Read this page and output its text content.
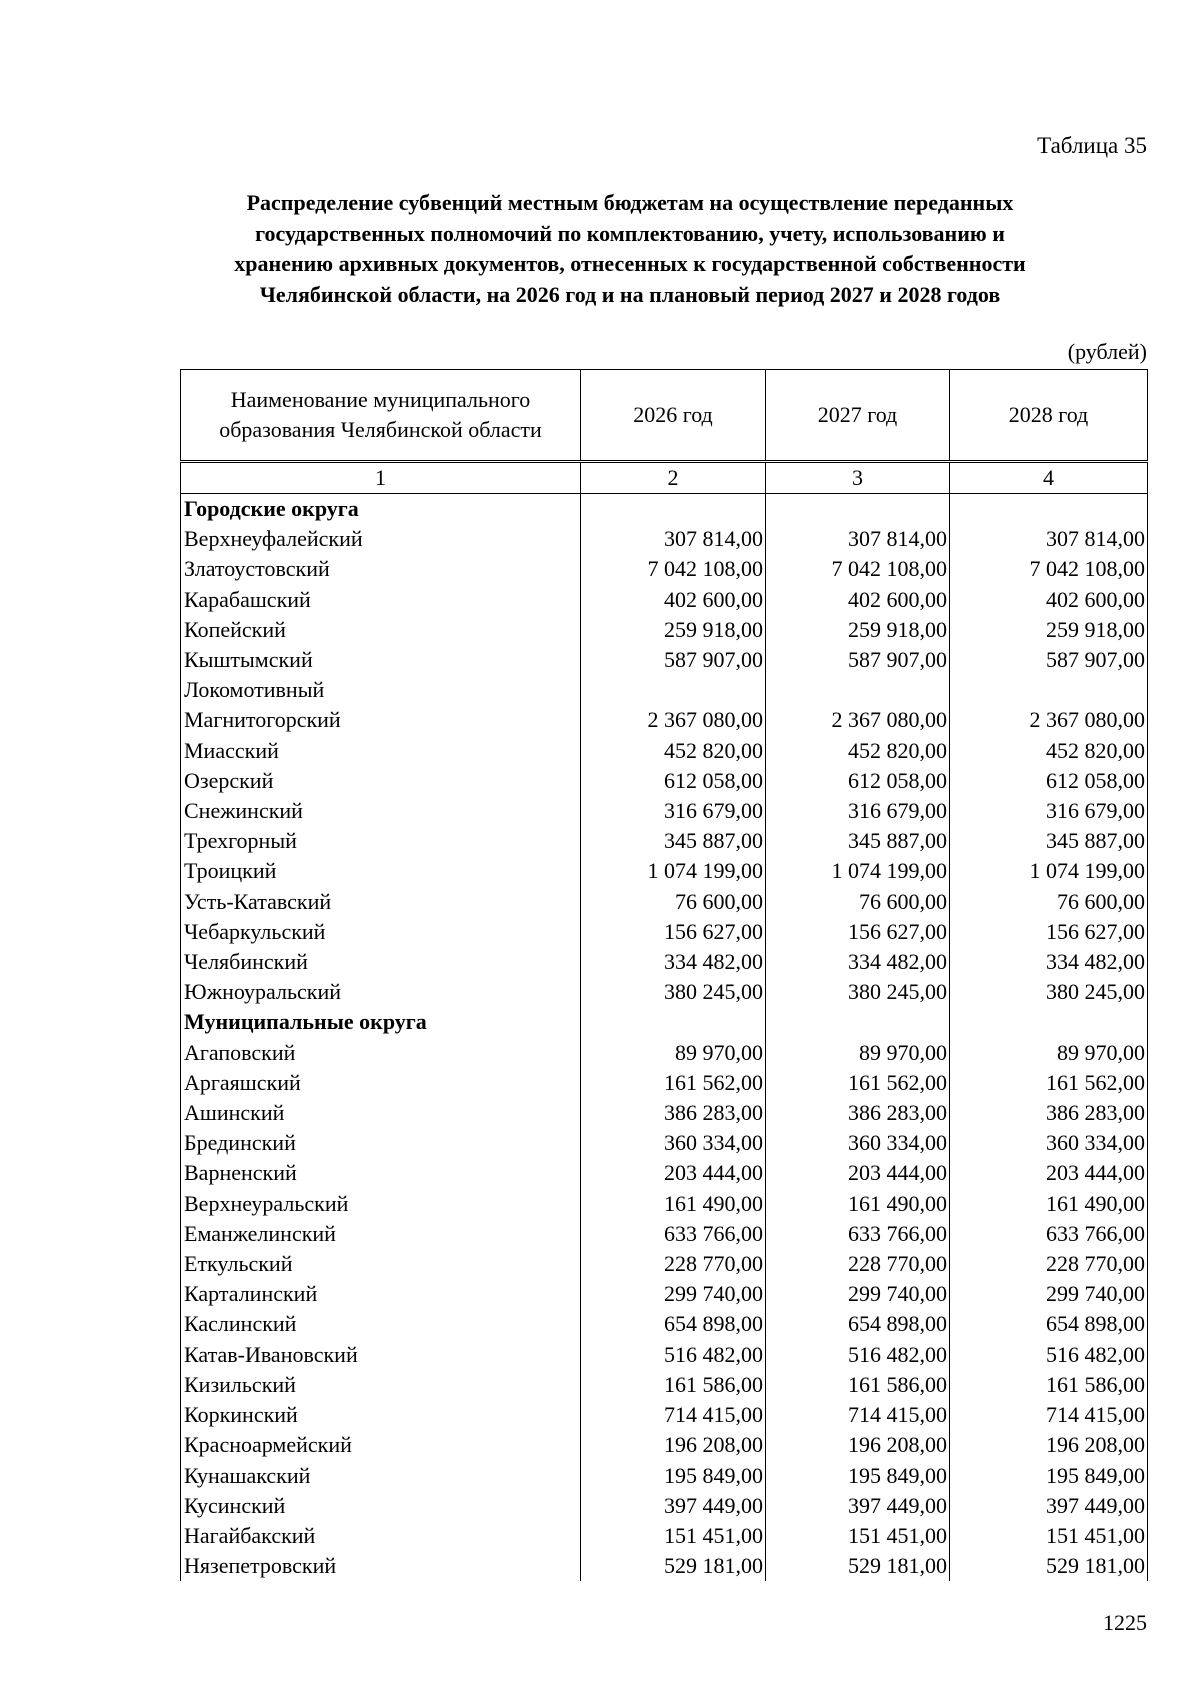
Таблица 35
Распределение субвенций местным бюджетам на осуществление переданных
государственных полномочий по комплектованию, учету, использованию и
хранению архивных документов, отнесенных к государственной собственности
Челябинской области, на 2026 год и на плановый период 2027 и 2028 годов
(рублей)
Наименование муниципального образования Челябинской области	2026 год	2027 год	2028 год
1	2	3	4
Городские округа			
Верхнеуфалейский	307 814,00	307 814,00	307 814,00
Златоустовский	7 042 108,00	7 042 108,00	7 042 108,00
Карабашский	402 600,00	402 600,00	402 600,00
Копейский	259 918,00	259 918,00	259 918,00
Кыштымский	587 907,00	587 907,00	587 907,00
Локомотивный			
Магнитогорский	2 367 080,00	2 367 080,00	2 367 080,00
Миасский	452 820,00	452 820,00	452 820,00
Озерский	612 058,00	612 058,00	612 058,00
Снежинский	316 679,00	316 679,00	316 679,00
Трехгорный	345 887,00	345 887,00	345 887,00
Троицкий	1 074 199,00	1 074 199,00	1 074 199,00
Усть-Катавский	76 600,00	76 600,00	76 600,00
Чебаркульский	156 627,00	156 627,00	156 627,00
Челябинский	334 482,00	334 482,00	334 482,00
Южноуральский	380 245,00	380 245,00	380 245,00
Муниципальные округа			
Агаповский	89 970,00	89 970,00	89 970,00
Аргаяшский	161 562,00	161 562,00	161 562,00
Ашинский	386 283,00	386 283,00	386 283,00
Брединский	360 334,00	360 334,00	360 334,00
Варненский	203 444,00	203 444,00	203 444,00
Верхнеуральский	161 490,00	161 490,00	161 490,00
Еманжелинский	633 766,00	633 766,00	633 766,00
Еткульский	228 770,00	228 770,00	228 770,00
Карталинский	299 740,00	299 740,00	299 740,00
Каслинский	654 898,00	654 898,00	654 898,00
Катав-Ивановский	516 482,00	516 482,00	516 482,00
Кизильский	161 586,00	161 586,00	161 586,00
Коркинский	714 415,00	714 415,00	714 415,00
Красноармейский	196 208,00	196 208,00	196 208,00
Кунашакский	195 849,00	195 849,00	195 849,00
Кусинский	397 449,00	397 449,00	397 449,00
Нагайбакский	151 451,00	151 451,00	151 451,00
Нязепетровский	529 181,00	529 181,00	529 181,00
1225
